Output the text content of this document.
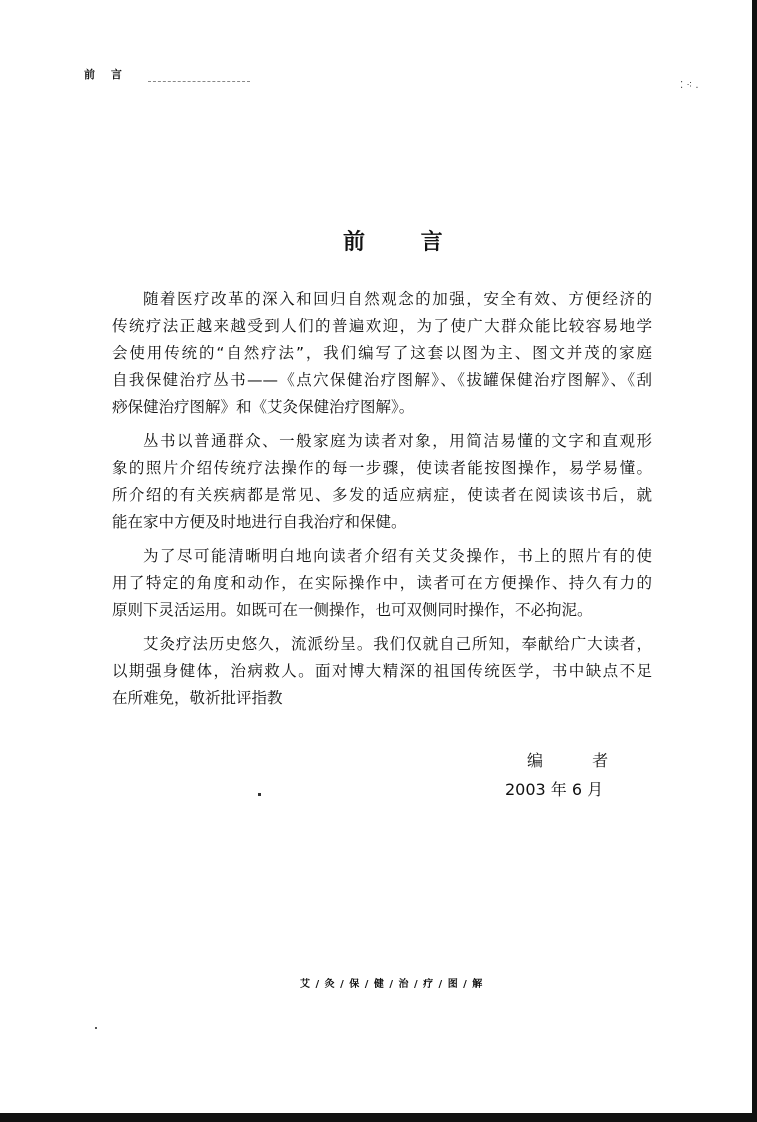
前 言
⁚ ⁖ .
前 言
随着医疗改革的深入和回归自然观念的加强，安全有效、方便经济的
传统疗法正越来越受到人们的普遍欢迎，为了使广大群众能比较容易地学
会使用传统的“自然疗法”，我们编写了这套以图为主、图文并茂的家庭
自我保健治疗丛书——《点穴保健治疗图解》、《拔罐保健治疗图解》、《刮
痧保健治疗图解》和《艾灸保健治疗图解》。
丛书以普通群众、一般家庭为读者对象，用简洁易懂的文字和直观形
象的照片介绍传统疗法操作的每一步骤，使读者能按图操作，易学易懂。
所介绍的有关疾病都是常见、多发的适应病症，使读者在阅读该书后，就
能在家中方便及时地进行自我治疗和保健。
为了尽可能清晰明白地向读者介绍有关艾灸操作，书上的照片有的使
用了特定的角度和动作，在实际操作中，读者可在方便操作、持久有力的
原则下灵活运用。如既可在一侧操作，也可双侧同时操作，不必拘泥。
艾灸疗法历史悠久，流派纷呈。我们仅就自己所知，奉献给广大读者，
以期强身健体，治病救人。面对博大精深的祖国传统医学，书中缺点不足
在所难免，敬祈批评指教
编 者
2003 年 6 月
艾 / 灸 / 保 / 健 / 治 / 疗 / 图 / 解
